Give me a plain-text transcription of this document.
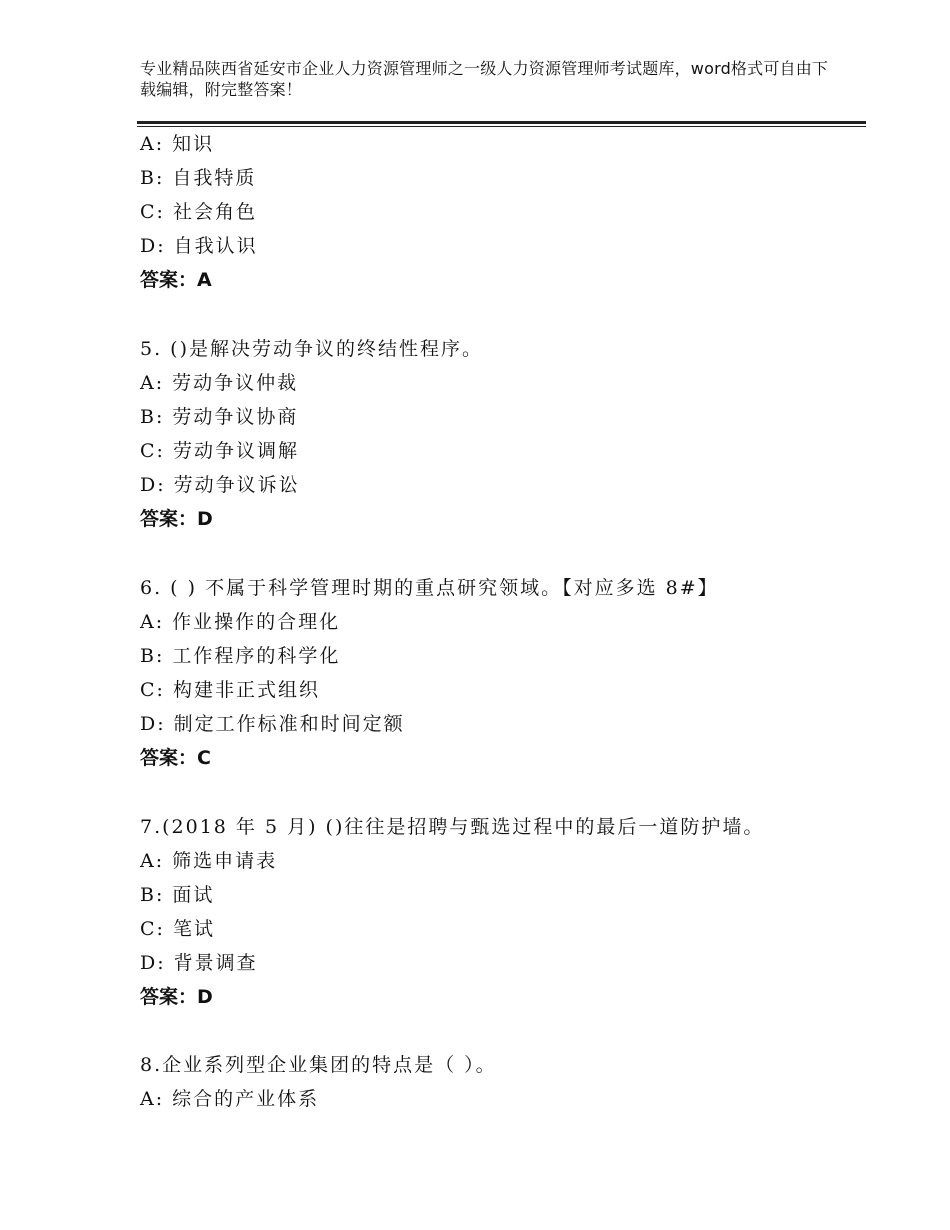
专业精品陕西省延安市企业人力资源管理师之一级人力资源管理师考试题库，word格式可自由下载编辑，附完整答案！
A: 知识
B: 自我特质
C: 社会角色
D: 自我认识
答案：A
5. ()是解决劳动争议的终结性程序。
A: 劳动争议仲裁
B: 劳动争议协商
C: 劳动争议调解
D: 劳动争议诉讼
答案：D
6. ( ) 不属于科学管理时期的重点研究领域。【对应多选 8#】
A: 作业操作的合理化
B: 工作程序的科学化
C: 构建非正式组织
D: 制定工作标准和时间定额
答案：C
7.(2018 年 5 月) ()往往是招聘与甄选过程中的最后一道防护墙。
A: 筛选申请表
B: 面试
C: 笔试
D: 背景调查
答案：D
8.企业系列型企业集团的特点是（ ）。
A: 综合的产业体系
